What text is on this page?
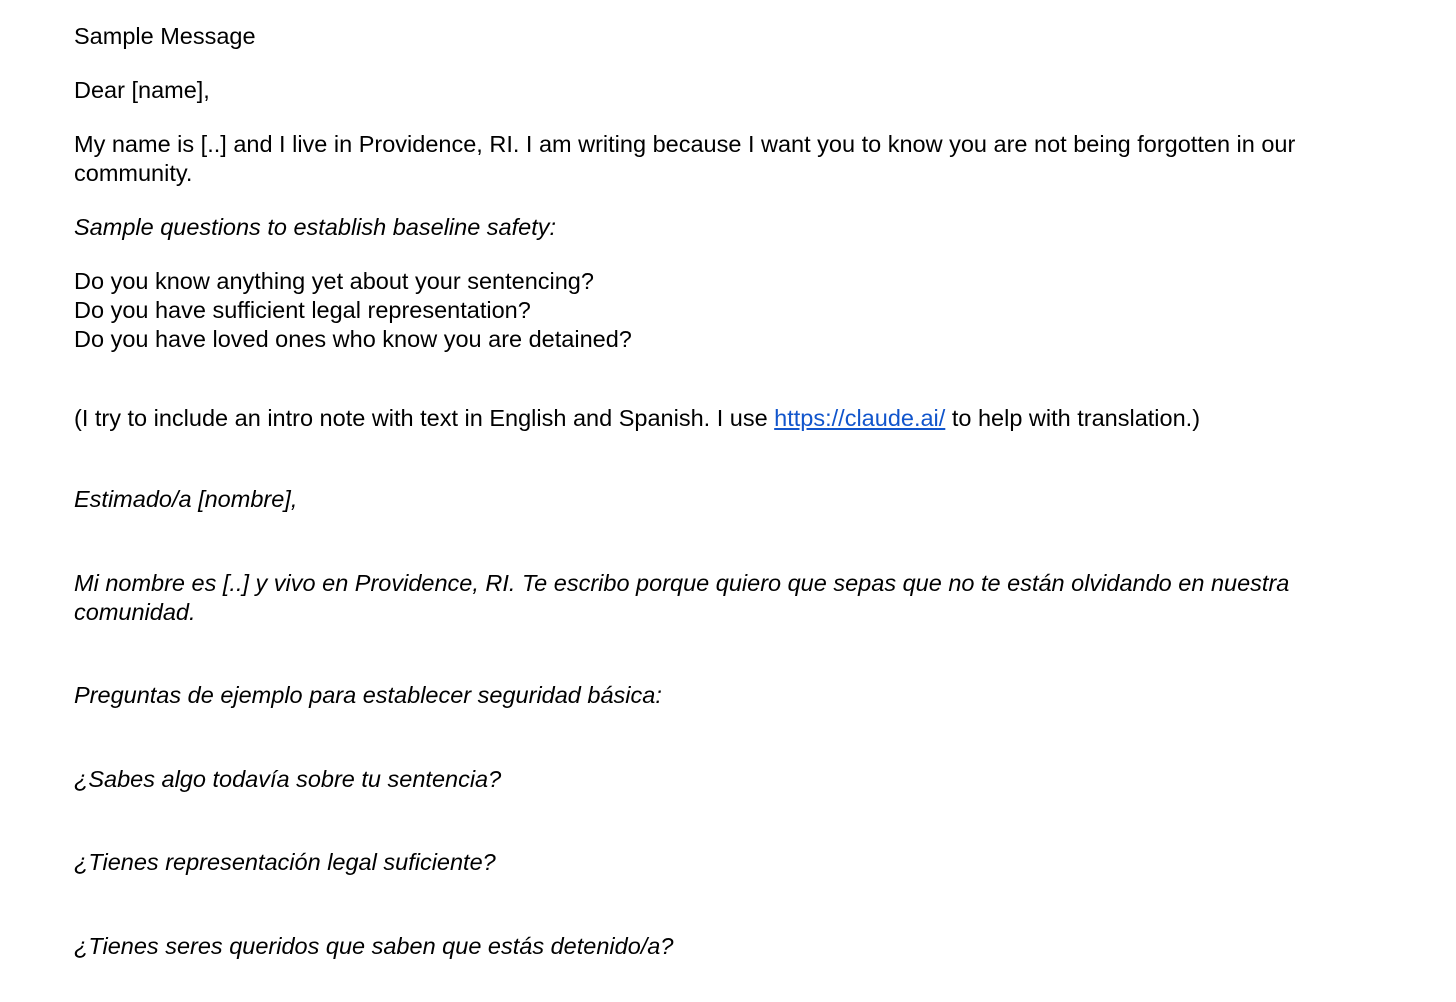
Sample Message

Dear [name],

My name is [..] and I live in Providence, RI. I am writing because I want you to know you are not being forgotten in our community.

Sample questions to establish baseline safety:

Do you know anything yet about your sentencing?
Do you have sufficient legal representation?
Do you have loved ones who know you are detained?

(I try to include an intro note with text in English and Spanish. I use https://claude.ai/ to help with translation.)

Estimado/a [nombre],

Mi nombre es [..] y vivo en Providence, RI. Te escribo porque quiero que sepas que no te están olvidando en nuestra comunidad.

Preguntas de ejemplo para establecer seguridad básica:

¿Sabes algo todavía sobre tu sentencia?

¿Tienes representación legal suficiente?

¿Tienes seres queridos que saben que estás detenido/a?
